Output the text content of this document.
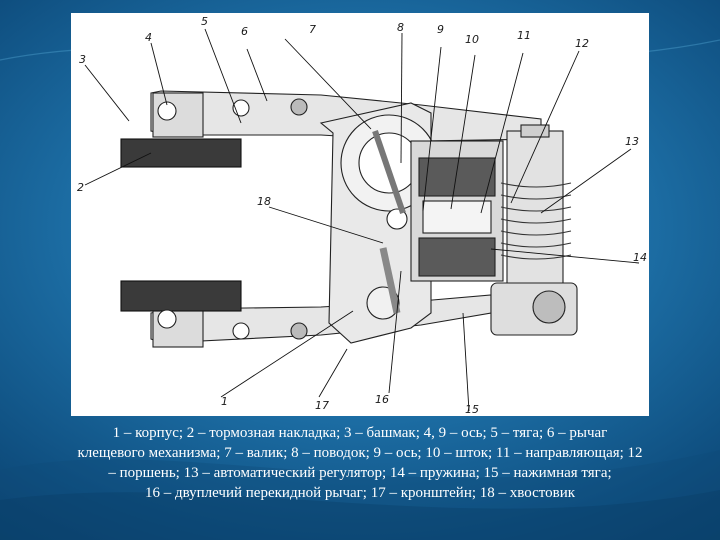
1
2
3
4
5
6	7	8	9
10	11
12
13
14
15
16
17
18

1 – корпус; 2 – тормозная накладка; 3 – башмак; 4, 9 – ось; 5 – тяга; 6 – рычаг

клещевого механизма; 7 – валик; 8 – поводок; 9 – ось; 10 – шток; 11 – направляющая; 12

– поршень; 13 – автоматический регулятор; 14 – пружина; 15 – нажимная тяга;

16 – двуплечий перекидной рычаг; 17 – кронштейн; 18 – хвостовик
